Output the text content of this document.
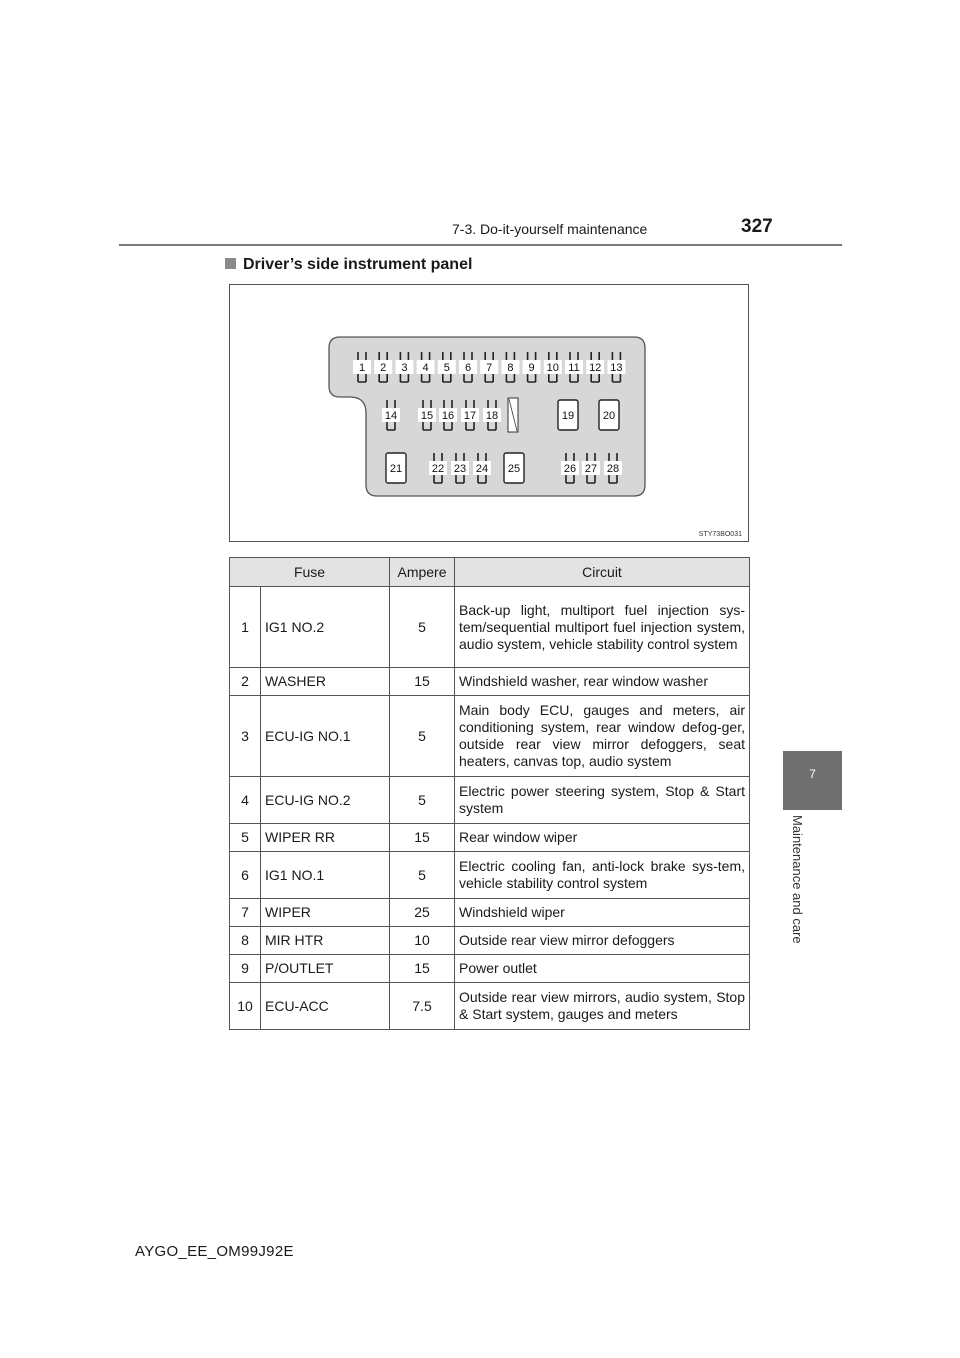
7-3. Do-it-yourself maintenance	327
7
Maintenance and care
Driver’s side instrument panel
1 2 3 4 5 6 7 8 9 10 11 12 13
14 15 16 17 18	19	20
21	22 23 24 25	26 27 28
STY73BO031
Fuse		Ampere	Circuit
1	IG1 NO.2	5	Back-up light, multiport fuel injection sys-tem/sequential multiport fuel injection system, audio system, vehicle stability control system
2	WASHER	15	Windshield washer, rear window washer
3	ECU-IG NO.1	5	Main body ECU, gauges and meters, air conditioning system, rear window defog-ger, outside rear view mirror defoggers, seat heaters, canvas top, audio system
4	ECU-IG NO.2	5	Electric power steering system, Stop & Start system
5	WIPER RR	15	Rear window wiper
6	IG1 NO.1	5	Electric cooling fan, anti-lock brake sys-tem, vehicle stability control system
7	WIPER	25	Windshield wiper
8	MIR HTR	10	Outside rear view mirror defoggers
9	P/OUTLET	15	Power outlet
10	ECU-ACC	7.5	Outside rear view mirrors, audio system, Stop & Start system, gauges and meters
AYGO_EE_OM99J92E
